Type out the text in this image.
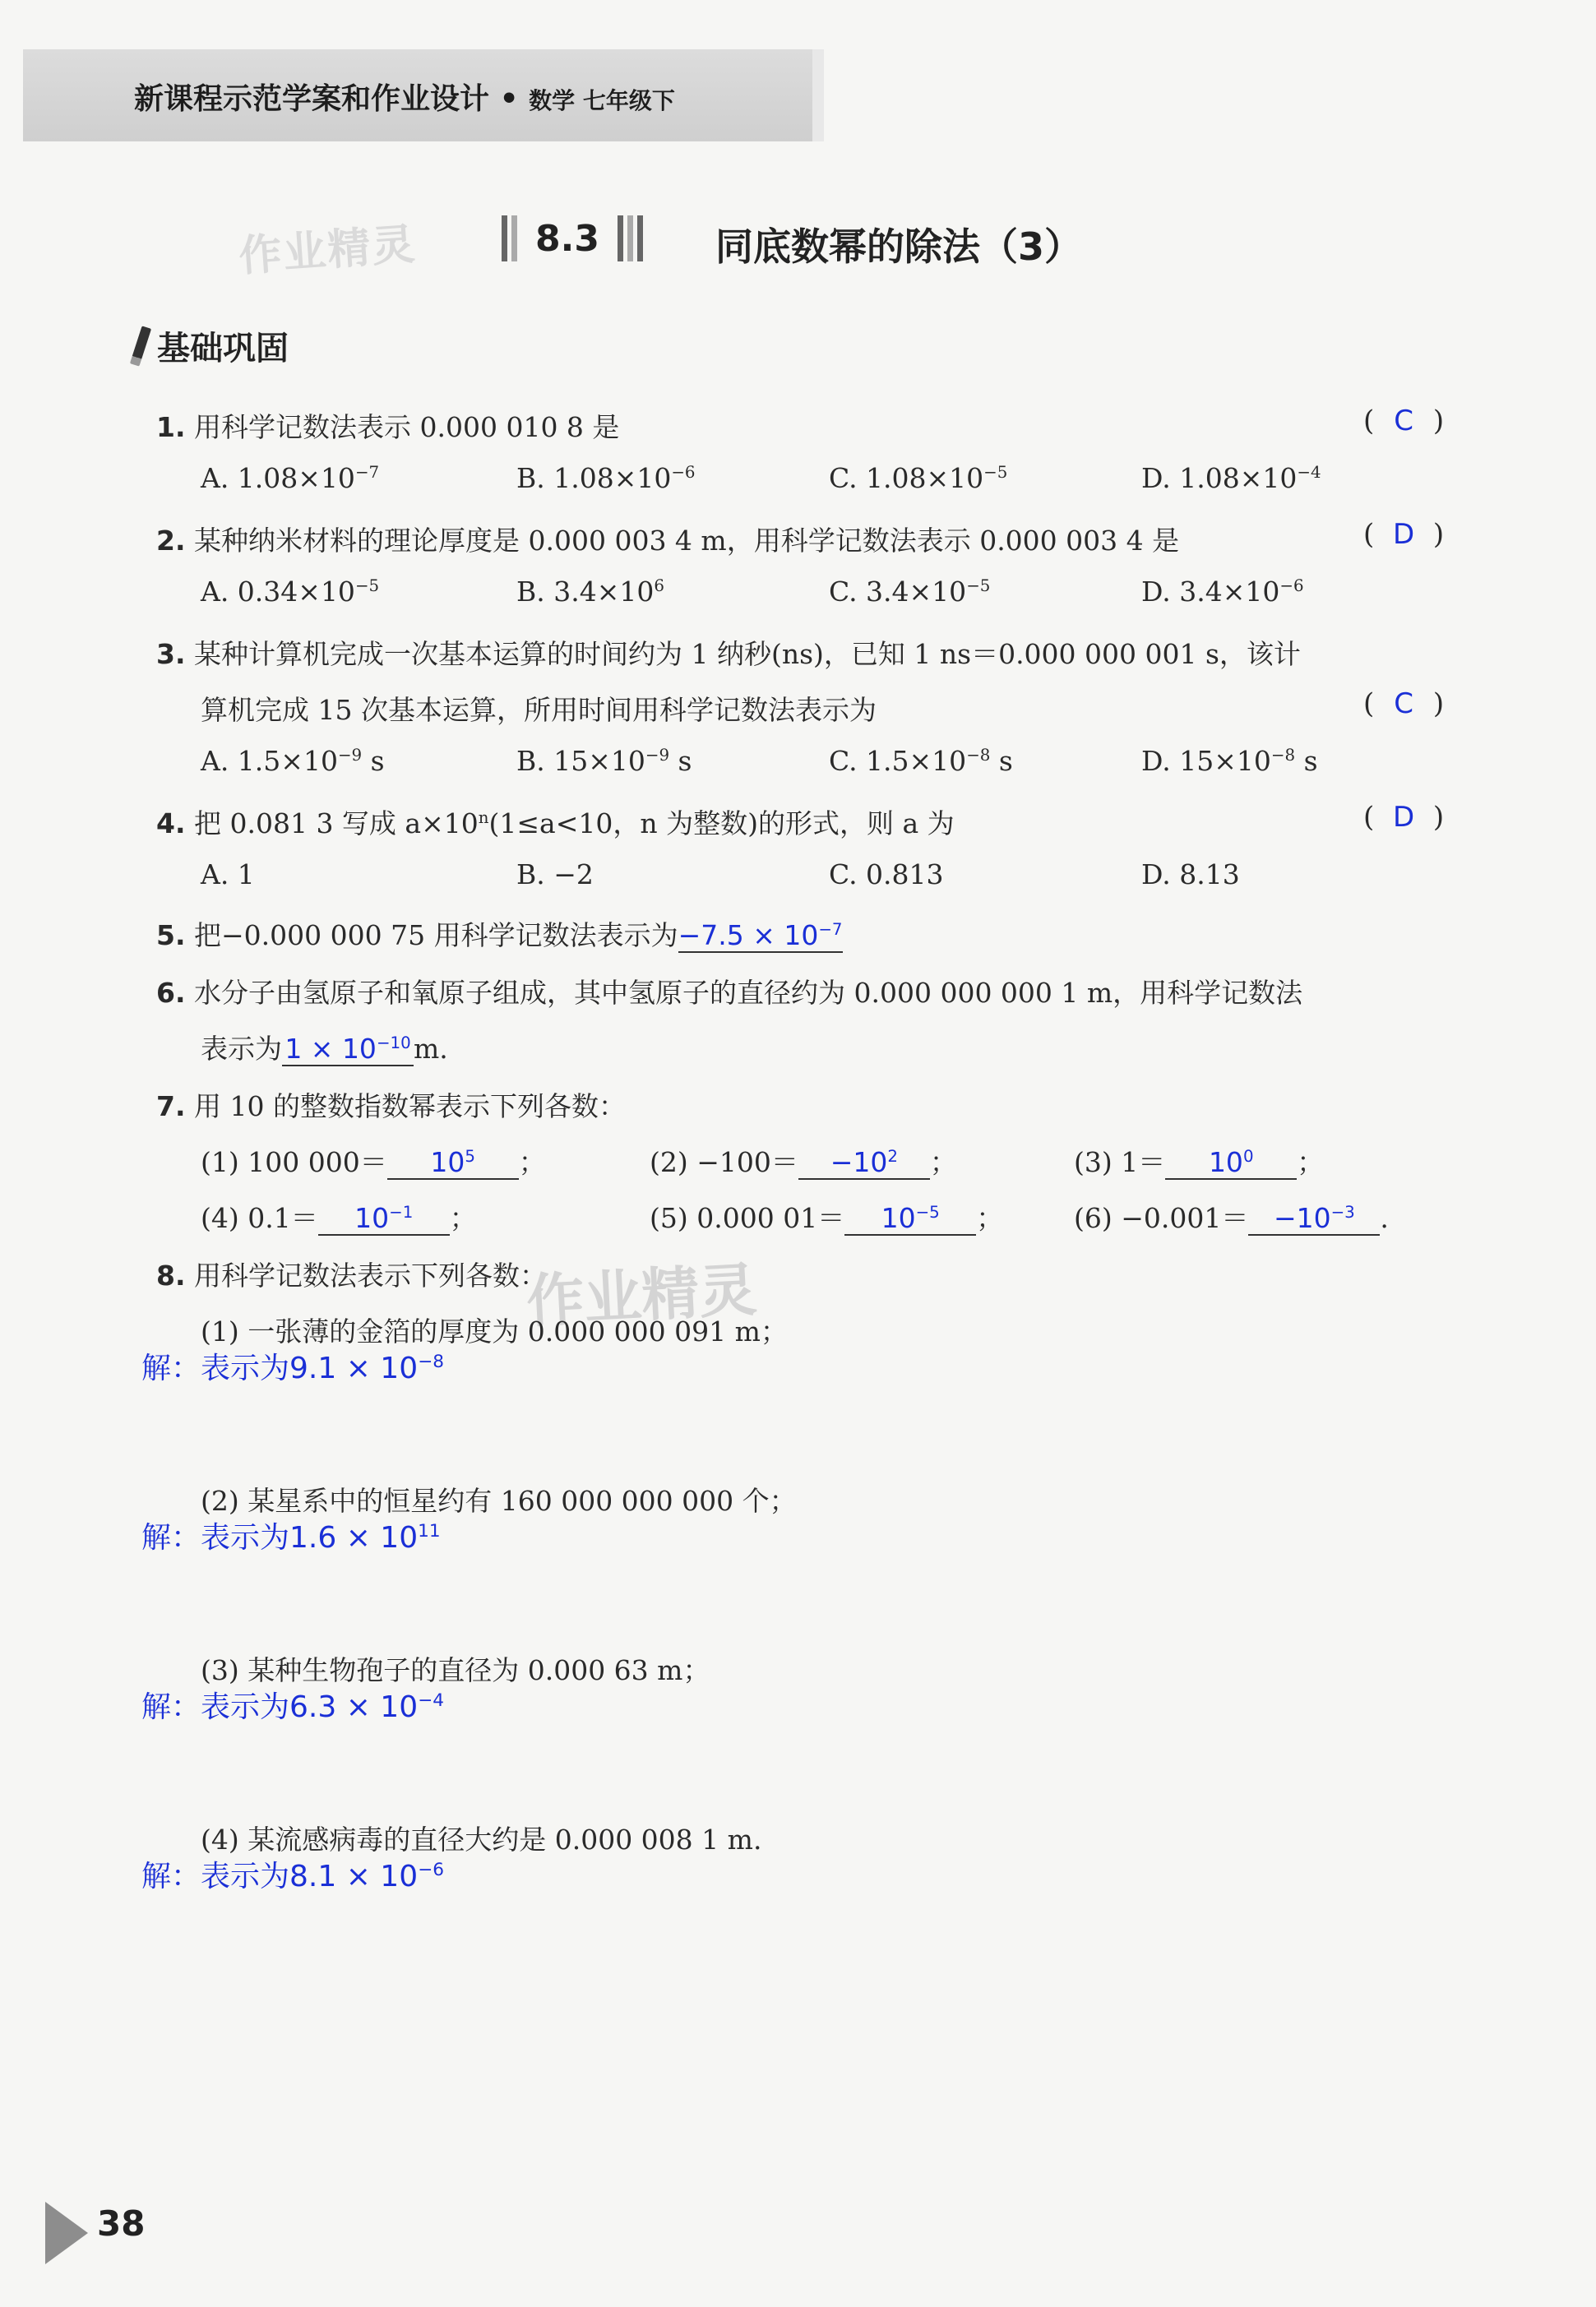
新课程示范学案和作业设计 • 数学 七年级下
作业精灵	8.3	同底数幂的除法（3）
基础巩固
1. 用科学记数法表示 0.000 010 8 是	( C )
A. $1.08\times 10^{-7}$	B. $1.08\times 10^{-6}$	C. $1.08\times 10^{-5}$	D. $1.08\times 10^{-4}$
2. 某种纳米材料的理论厚度是 0.000 003 4 m，用科学记数法表示 0.000 003 4 是	( D )
A. $0.34\times 10^{-5}$	B. $3.4\times 10^6$	C. $3.4\times 10^{-5}$	D. $3.4\times 10^{-6}$
3. 某种计算机完成一次基本运算的时间约为 1 纳秒(ns)，已知 1 ns＝0.000 000 001 s，该计
算机完成 15 次基本运算，所用时间用科学记数法表示为	( C )
A. $1.5\times 10^{-9}$ s	B. $15\times 10^{-9}$ s	C. $1.5\times 10^{-8}$ s	D. $15\times 10^{-8}$ s
4. 把 0.081 3 写成 $a\times 10^n(1\le a<10$，n 为整数)的形式，则 a 为	( D )
A. 1	B. −2	C. 0.813	D. 8.13
5. 把−0.000 000 75 用科学记数法表示为$-7.5 \times 10^{-7}$
6. 水分子由氢原子和氧原子组成，其中氢原子的直径约为 0.000 000 000 1 m，用科学记数法
表示为 $1 \times 10^{-10}$ m.
7. 用 10 的整数指数幂表示下列各数：
(1) 100 $000= 10^5$ ；	$(2) -100= -10^2$ ；	(3) $1= 10^0$ ；
(4) $0.1= 10^{-1}$ ；	(5) 0.000 $01= 10^{-5}$ ；	$(6) -0.001= -10^{-3}$ .
8. 用科学记数法表示下列各数：
作业精灵
(1) 一张薄的金箔的厚度为 0.000 000 091 m；
解：表示为$9.1 \times 10^{-8}$
(2) 某星系中的恒星约有 160 000 000 000 个；
解：表示为$1.6 \times 10^{11}$
(3) 某种生物孢子的直径为 0.000 63 m；
解：表示为$6.3 \times 10^{-4}$
(4) 某流感病毒的直径大约是 0.000 008 1 m.
解：表示为$8.1 \times 10^{-6}$
38
